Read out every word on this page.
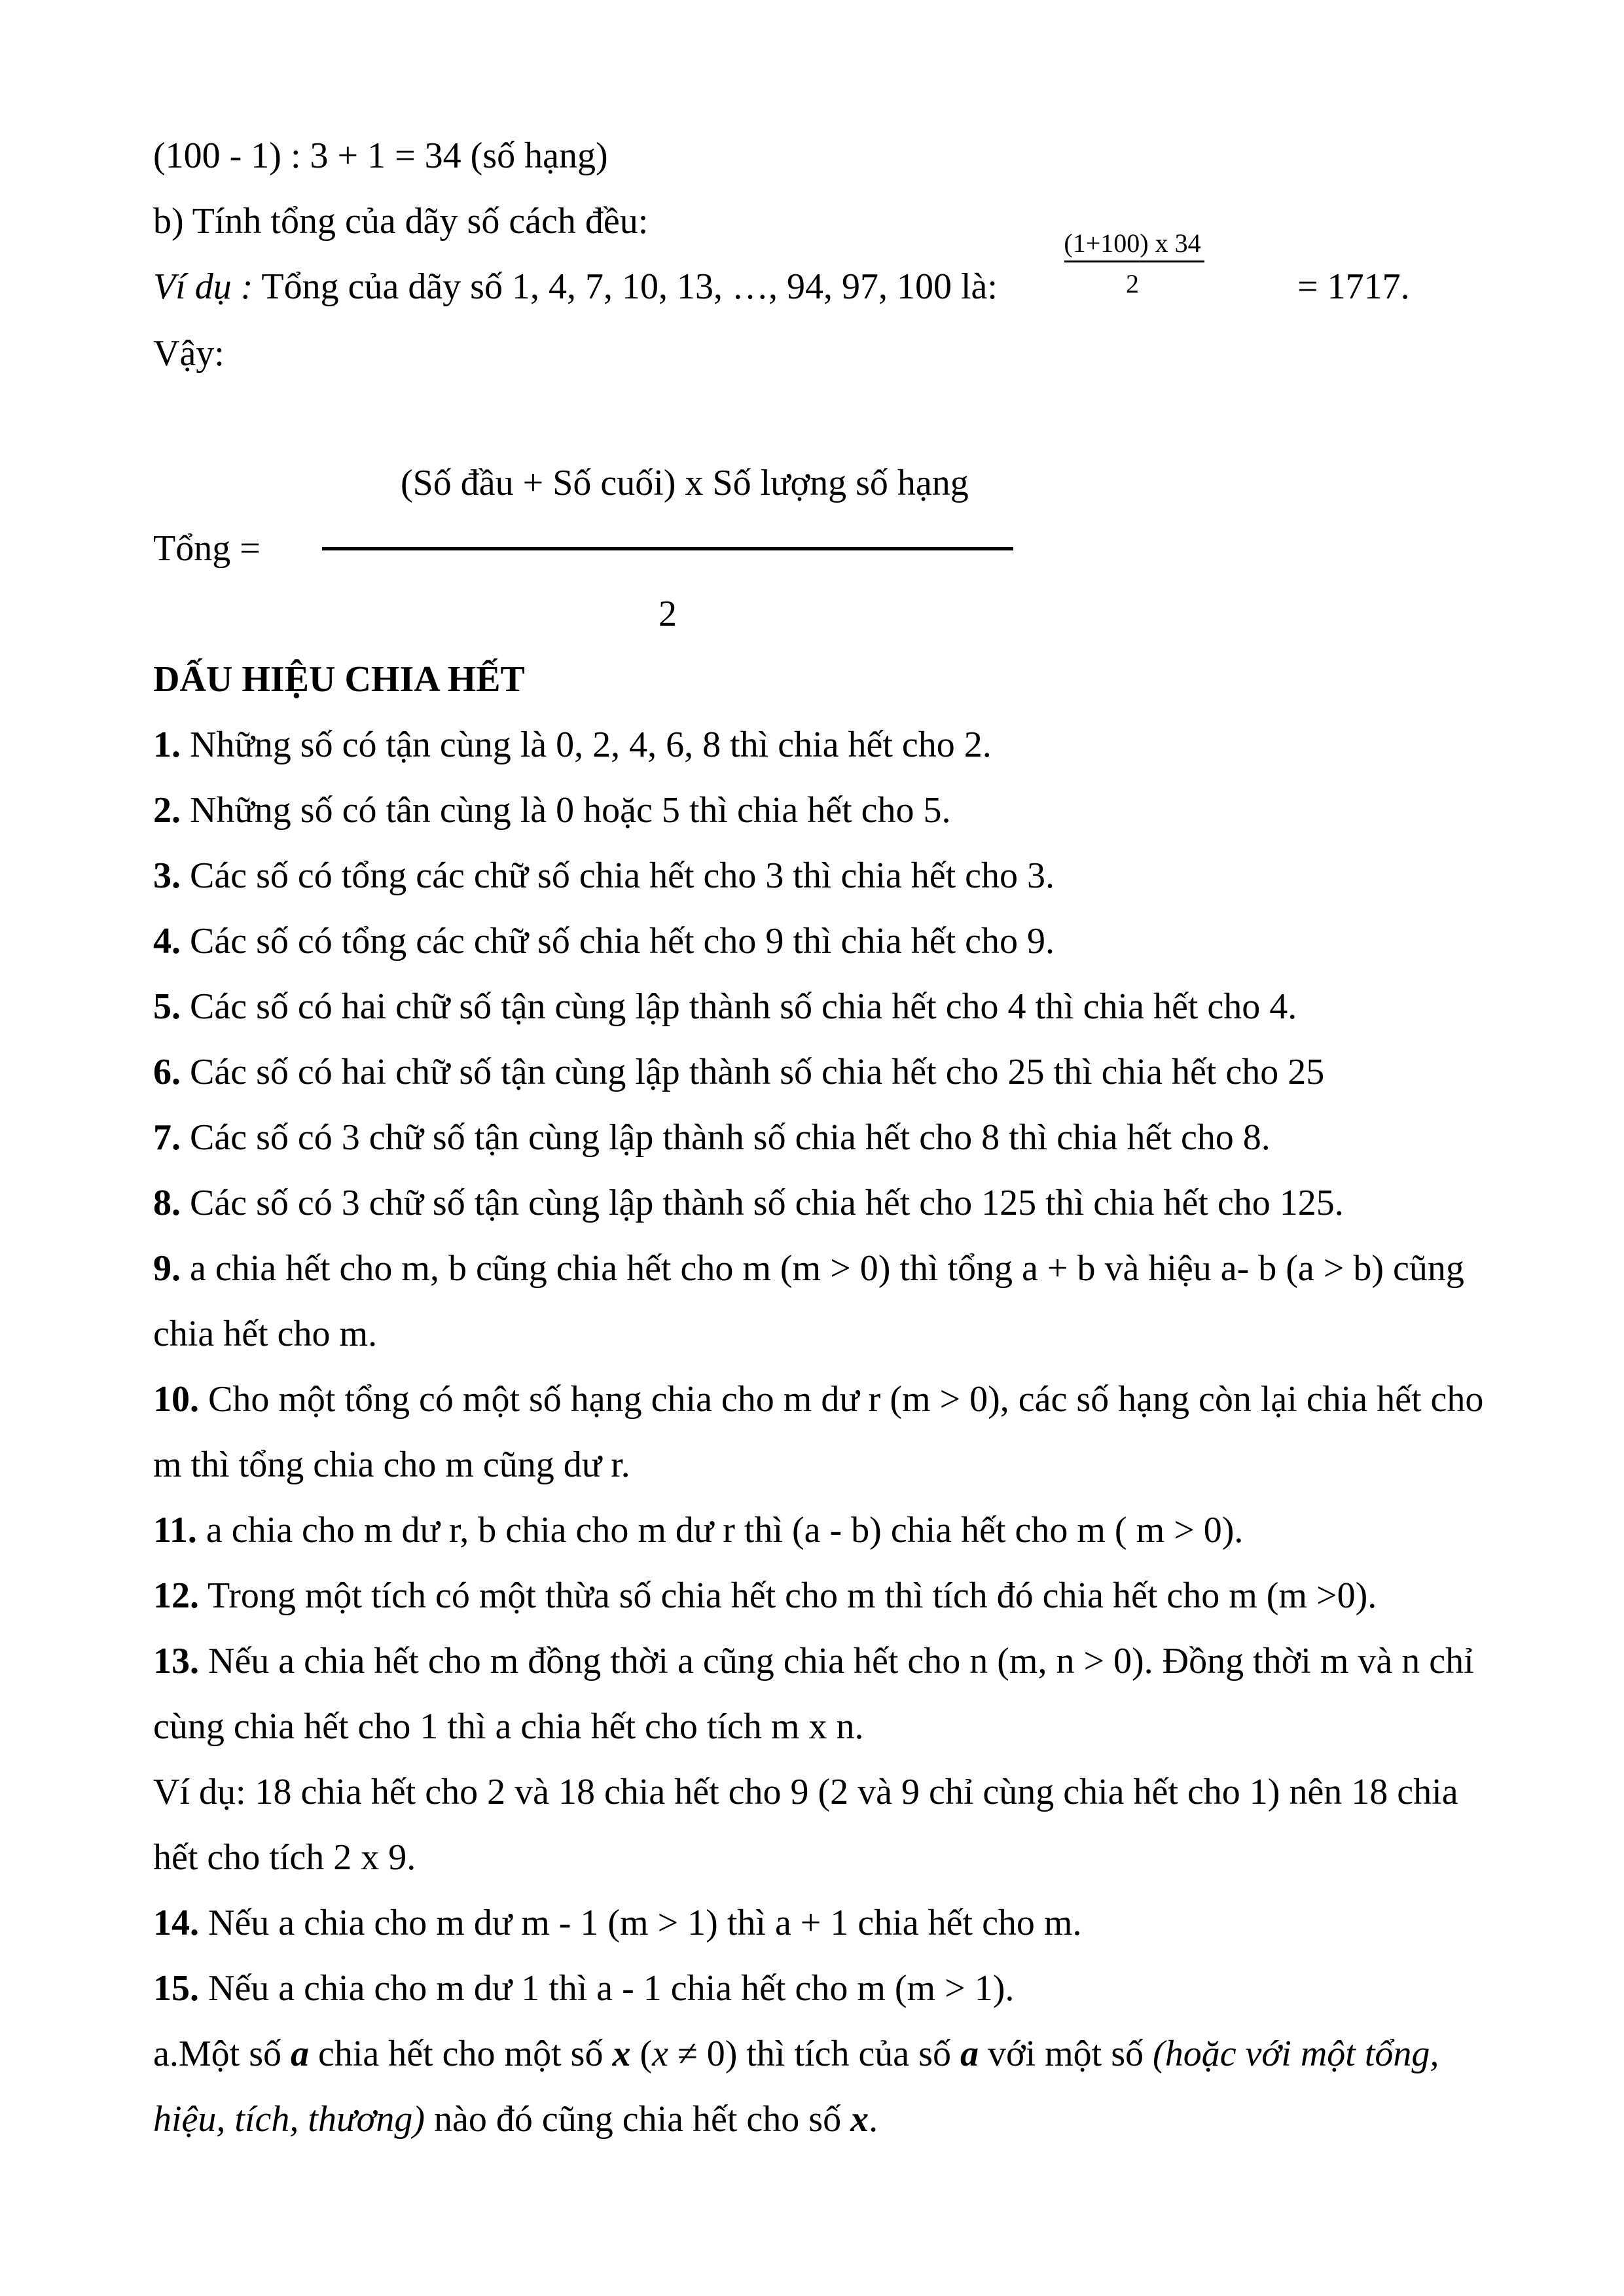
(100 - 1) : 3 + 1 = 34 (số hạng)
b) Tính tổng của dãy số cách đều:
Ví dụ : Tổng của dãy số 1, 4, 7, 10, 13, …, 94, 97, 100 là:
(1+100) x 34
2	= 1717.
Vậy:
(Số đầu + Số cuối) x Số lượng số hạng
Tổng =
2
DẤU HIỆU CHIA HẾT
1. Những số có tận cùng là 0, 2, 4, 6, 8 thì chia hết cho 2.
2. Những số có tân cùng là 0 hoặc 5 thì chia hết cho 5.
3. Các số có tổng các chữ số chia hết cho 3 thì chia hết cho 3.
4. Các số có tổng các chữ số chia hết cho 9 thì chia hết cho 9.
5. Các số có hai chữ số tận cùng lập thành số chia hết cho 4 thì chia hết cho 4.
6. Các số có hai chữ số tận cùng lập thành số chia hết cho 25 thì chia hết cho 25
7. Các số có 3 chữ số tận cùng lập thành số chia hết cho 8 thì chia hết cho 8.
8. Các số có 3 chữ số tận cùng lập thành số chia hết cho 125 thì chia hết cho 125.
9. a chia hết cho m, b cũng chia hết cho m (m > 0) thì tổng a + b và hiệu a- b (a > b) cũng
chia hết cho m.
10. Cho một tổng có một số hạng chia cho m dư r (m > 0), các số hạng còn lại chia hết cho
m thì tổng chia cho m cũng dư r.
11. a chia cho m dư r, b chia cho m dư r thì (a - b) chia hết cho m ( m > 0).
12. Trong một tích có một thừa số chia hết cho m thì tích đó chia hết cho m (m >0).
13. Nếu a chia hết cho m đồng thời a cũng chia hết cho n (m, n > 0). Đồng thời m và n chỉ
cùng chia hết cho 1 thì a chia hết cho tích m x n.
Ví dụ: 18 chia hết cho 2 và 18 chia hết cho 9 (2 và 9 chỉ cùng chia hết cho 1) nên 18 chia
hết cho tích 2 x 9.
14. Nếu a chia cho m dư m - 1 (m > 1) thì a + 1 chia hết cho m.
15. Nếu a chia cho m dư 1 thì a - 1 chia hết cho m (m > 1).
a.Một số a chia hết cho một số x (x ≠ 0) thì tích của số a với một số (hoặc với một tổng,
hiệu, tích, thương) nào đó cũng chia hết cho số x.
